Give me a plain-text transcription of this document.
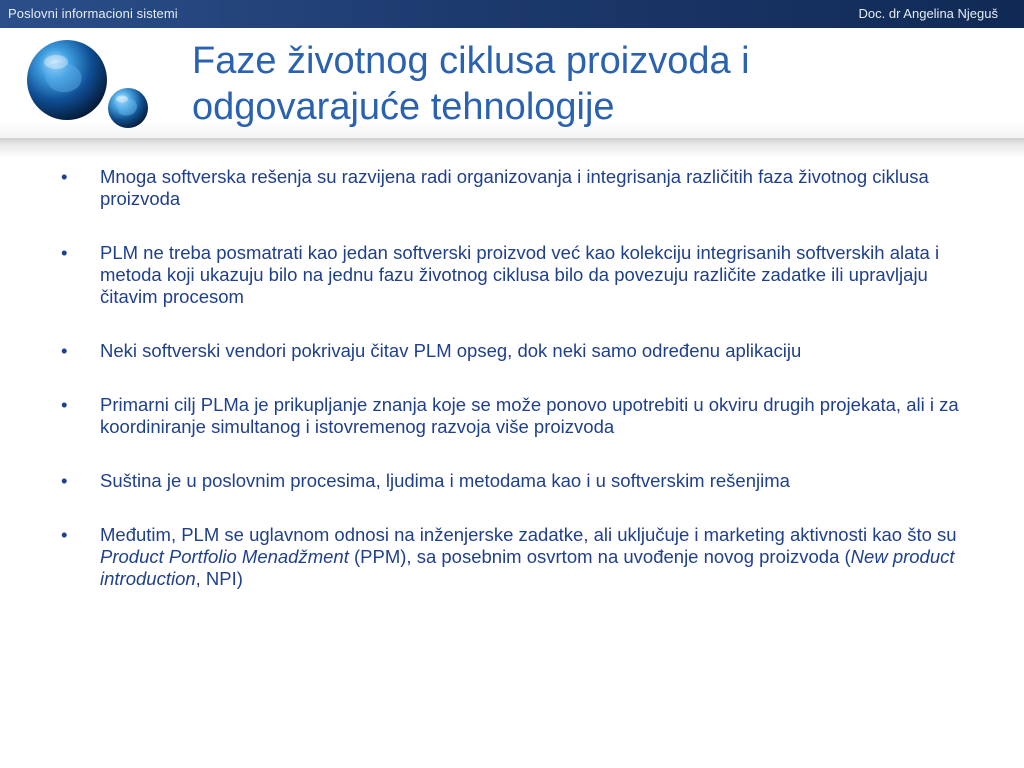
Poslovni informacioni sistemi	Doc. dr Angelina Njeguš
Faze životnog ciklusa proizvoda i
odgovarajuće tehnologije
• Mnoga softverska rešenja su razvijena radi organizovanja i integrisanja različitih faza životnog ciklusa proizvoda
• PLM ne treba posmatrati kao jedan softverski proizvod već kao kolekciju integrisanih softverskih alata i metoda koji ukazuju bilo na jednu fazu životnog ciklusa bilo da povezuju različite zadatke ili upravljaju čitavim procesom
• Neki softverski vendori pokrivaju čitav PLM opseg, dok neki samo određenu aplikaciju
• Primarni cilj PLMa je prikupljanje znanja koje se može ponovo upotrebiti u okviru drugih projekata, ali i za koordiniranje simultanog i istovremenog razvoja više proizvoda
• Suština je u poslovnim procesima, ljudima i metodama kao i u softverskim rešenjima
• Međutim, PLM se uglavnom odnosi na inženjerske zadatke, ali uključuje i marketing aktivnosti kao što su Product Portfolio Menadžment (PPM), sa posebnim osvrtom na uvođenje novog proizvoda (New product introduction, NPI)
